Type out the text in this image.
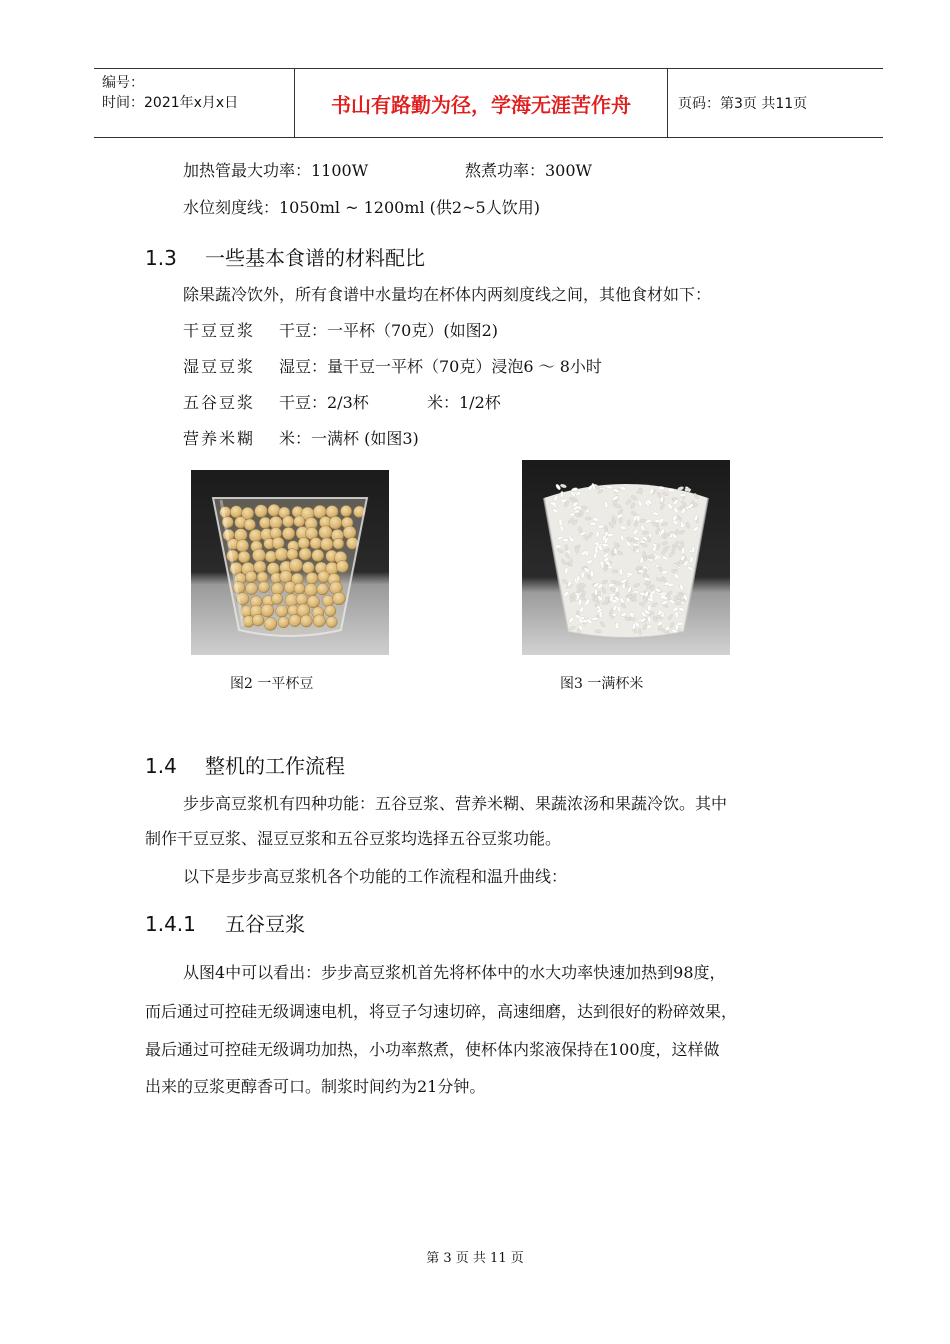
编号：
时间：2021年x月x日	书山有路勤为径，学海无涯苦作舟	页码：第3页 共11页
加热管最大功率：1100W	熬煮功率：300W
水位刻度线：1050ml ~ 1200ml (供2~5人饮用)
1.3 一些基本食谱的材料配比
除果蔬冷饮外，所有食谱中水量均在杯体内两刻度线之间，其他食材如下：
干豆豆浆 干豆：一平杯（70克）(如图2)
湿豆豆浆 湿豆：量干豆一平杯（70克）浸泡6 ～ 8小时
五谷豆浆 干豆：2/3杯	米：1/2杯
营养米糊 米：一满杯 (如图3)
图2 一平杯豆	图3 一满杯米
1.4 整机的工作流程
步步高豆浆机有四种功能：五谷豆浆、营养米糊、果蔬浓汤和果蔬冷饮。其中
制作干豆豆浆、湿豆豆浆和五谷豆浆均选择五谷豆浆功能。
以下是步步高豆浆机各个功能的工作流程和温升曲线：
1.4.1 五谷豆浆
从图4中可以看出：步步高豆浆机首先将杯体中的水大功率快速加热到98度，
而后通过可控硅无级调速电机，将豆子匀速切碎，高速细磨，达到很好的粉碎效果，
最后通过可控硅无级调功加热，小功率熬煮，使杯体内浆液保持在100度，这样做
出来的豆浆更醇香可口。制浆时间约为21分钟。
第 3 页 共 11 页
